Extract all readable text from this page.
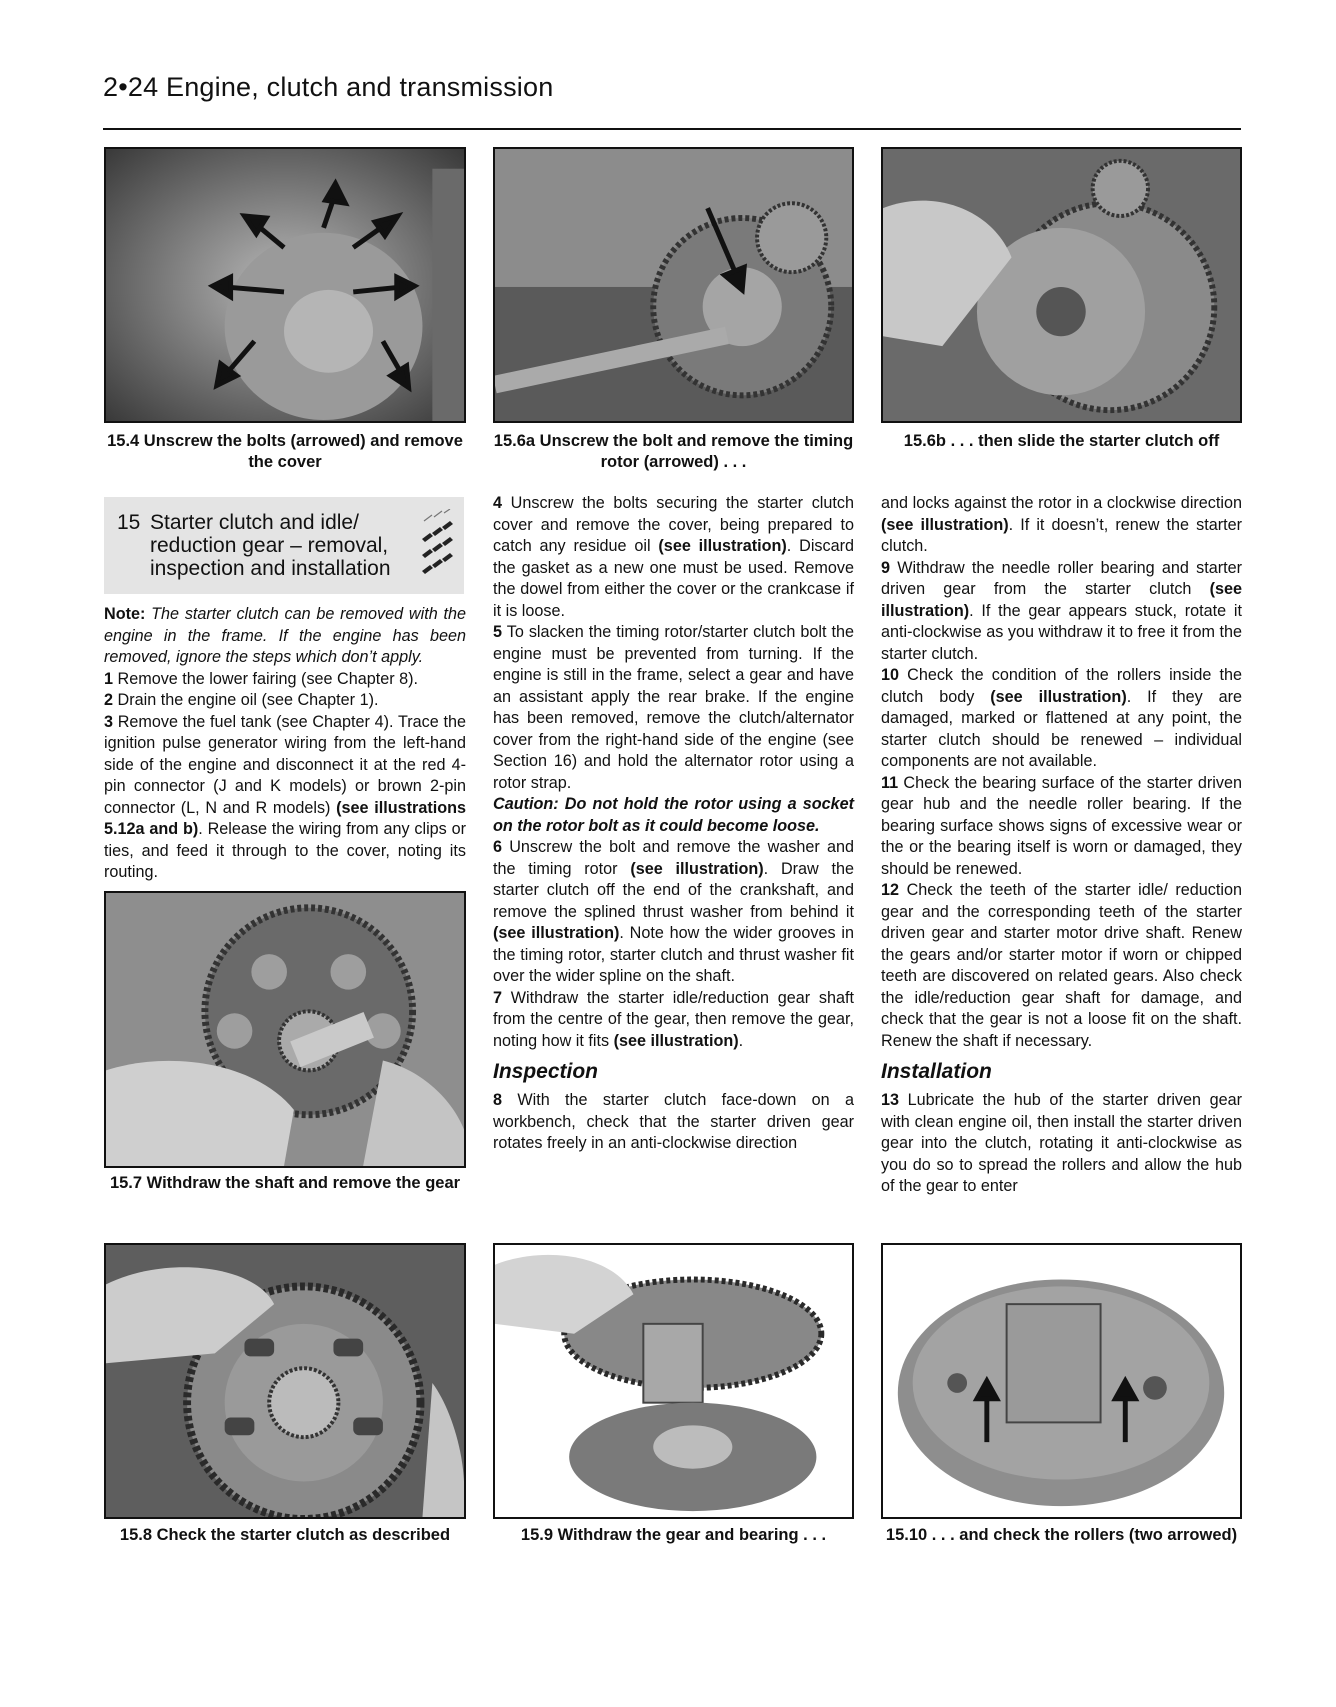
2•24 Engine, clutch and transmission
15.4 Unscrew the bolts (arrowed) and remove the cover
15.6a Unscrew the bolt and remove the timing rotor (arrowed) . . .
15.6b . . . then slide the starter clutch off
15 Starter clutch and idle/ reduction gear – removal, inspection and installation

Note: The starter clutch can be removed with the engine in the frame. If the engine has been removed, ignore the steps which don’t apply.

1 Remove the lower fairing (see Chapter 8).

2 Drain the engine oil (see Chapter 1).

3 Remove the fuel tank (see Chapter 4). Trace the ignition pulse generator wiring from the left-hand side of the engine and disconnect it at the red 4-pin connector (J and K models) or brown 2-pin connector (L, N and R models) (see illustrations 5.12a and b). Release the wiring from any clips or ties, and feed it through to the cover, noting its routing.

15.7 Withdraw the shaft and remove the gear

4 Unscrew the bolts securing the starter clutch cover and remove the cover, being prepared to catch any residue oil (see illustration). Discard the gasket as a new one must be used. Remove the dowel from either the cover or the crankcase if it is loose.

5 To slacken the timing rotor/starter clutch bolt the engine must be prevented from turning. If the engine is still in the frame, select a gear and have an assistant apply the rear brake. If the engine has been removed, remove the clutch/alternator cover from the right-hand side of the engine (see Section 16) and hold the alternator rotor using a rotor strap.

Caution: Do not hold the rotor using a socket on the rotor bolt as it could become loose.

6 Unscrew the bolt and remove the washer and the timing rotor (see illustration). Draw the starter clutch off the end of the crankshaft, and remove the splined thrust washer from behind it (see illustration). Note how the wider grooves in the timing rotor, starter clutch and thrust washer fit over the wider spline on the shaft.

7 Withdraw the starter idle/reduction gear shaft from the centre of the gear, then remove the gear, noting how it fits (see illustration).

Inspection

8 With the starter clutch face-down on a workbench, check that the starter driven gear rotates freely in an anti-clockwise direction

and locks against the rotor in a clockwise direction (see illustration). If it doesn’t, renew the starter clutch.

9 Withdraw the needle roller bearing and starter driven gear from the starter clutch (see illustration). If the gear appears stuck, rotate it anti-clockwise as you withdraw it to free it from the starter clutch.

10 Check the condition of the rollers inside the clutch body (see illustration). If they are damaged, marked or flattened at any point, the starter clutch should be renewed – individual components are not available.

11 Check the bearing surface of the starter driven gear hub and the needle roller bearing. If the bearing surface shows signs of excessive wear or the or the bearing itself is worn or damaged, they should be renewed.

12 Check the teeth of the starter idle/ reduction gear and the corresponding teeth of the starter driven gear and starter motor drive shaft. Renew the gears and/or starter motor if worn or chipped teeth are discovered on related gears. Also check the idle/reduction gear shaft for damage, and check that the gear is not a loose fit on the shaft. Renew the shaft if necessary.

Installation

13 Lubricate the hub of the starter driven gear with clean engine oil, then install the starter driven gear into the clutch, rotating it anti-clockwise as you do so to spread the rollers and allow the hub of the gear to enter

15.8 Check the starter clutch as described	15.9 Withdraw the gear and bearing . . .	15.10 . . . and check the rollers (two arrowed)
